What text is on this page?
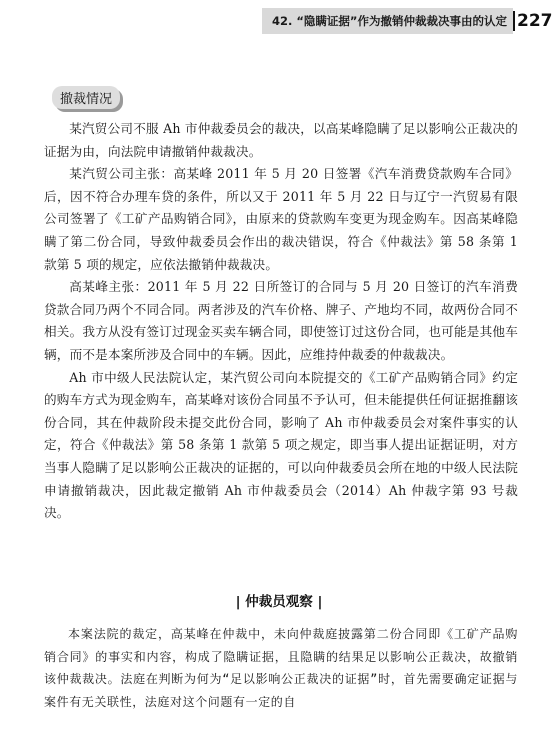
42. “隐瞒证据”作为撤销仲裁裁决事由的认定 227
撤裁情况

某汽贸公司不服 Ah 市仲裁委员会的裁决，以高某峰隐瞒了足以影响公正裁决的证据为由，向法院申请撤销仲裁裁决。

某汽贸公司主张：高某峰 2011 年 5 月 20 日签署《汽车消费贷款购车合同》后，因不符合办理车贷的条件，所以又于 2011 年 5 月 22 日与辽宁一汽贸易有限公司签署了《工矿产品购销合同》，由原来的贷款购车变更为现金购车。因高某峰隐瞒了第二份合同，导致仲裁委员会作出的裁决错误，符合《仲裁法》第 58 条第 1 款第 5 项的规定，应依法撤销仲裁裁决。

高某峰主张：2011 年 5 月 22 日所签订的合同与 5 月 20 日签订的汽车消费贷款合同乃两个不同合同。两者涉及的汽车价格、牌子、产地均不同，故两份合同不相关。我方从没有签订过现金买卖车辆合同，即使签订过这份合同，也可能是其他车辆，而不是本案所涉及合同中的车辆。因此，应维持仲裁委的仲裁裁决。

Ah 市中级人民法院认定，某汽贸公司向本院提交的《工矿产品购销合同》约定的购车方式为现金购车，高某峰对该份合同虽不予认可，但未能提供任何证据推翻该份合同，其在仲裁阶段未提交此份合同，影响了 Ah 市仲裁委员会对案件事实的认定，符合《仲裁法》第 58 条第 1 款第 5 项之规定，即当事人提出证据证明，对方当事人隐瞒了足以影响公正裁决的证据的，可以向仲裁委员会所在地的中级人民法院申请撤销裁决，因此裁定撤销 Ah 市仲裁委员会（2014）Ah 仲裁字第 93 号裁决。

| 仲裁员观察 |

本案法院的裁定，高某峰在仲裁中，未向仲裁庭披露第二份合同即《工矿产品购销合同》的事实和内容，构成了隐瞒证据，且隐瞒的结果足以影响公正裁决，故撤销该仲裁裁决。法庭在判断为何为“足以影响公正裁决的证据”时，首先需要确定证据与案件有无关联性，法庭对这个问题有一定的自
